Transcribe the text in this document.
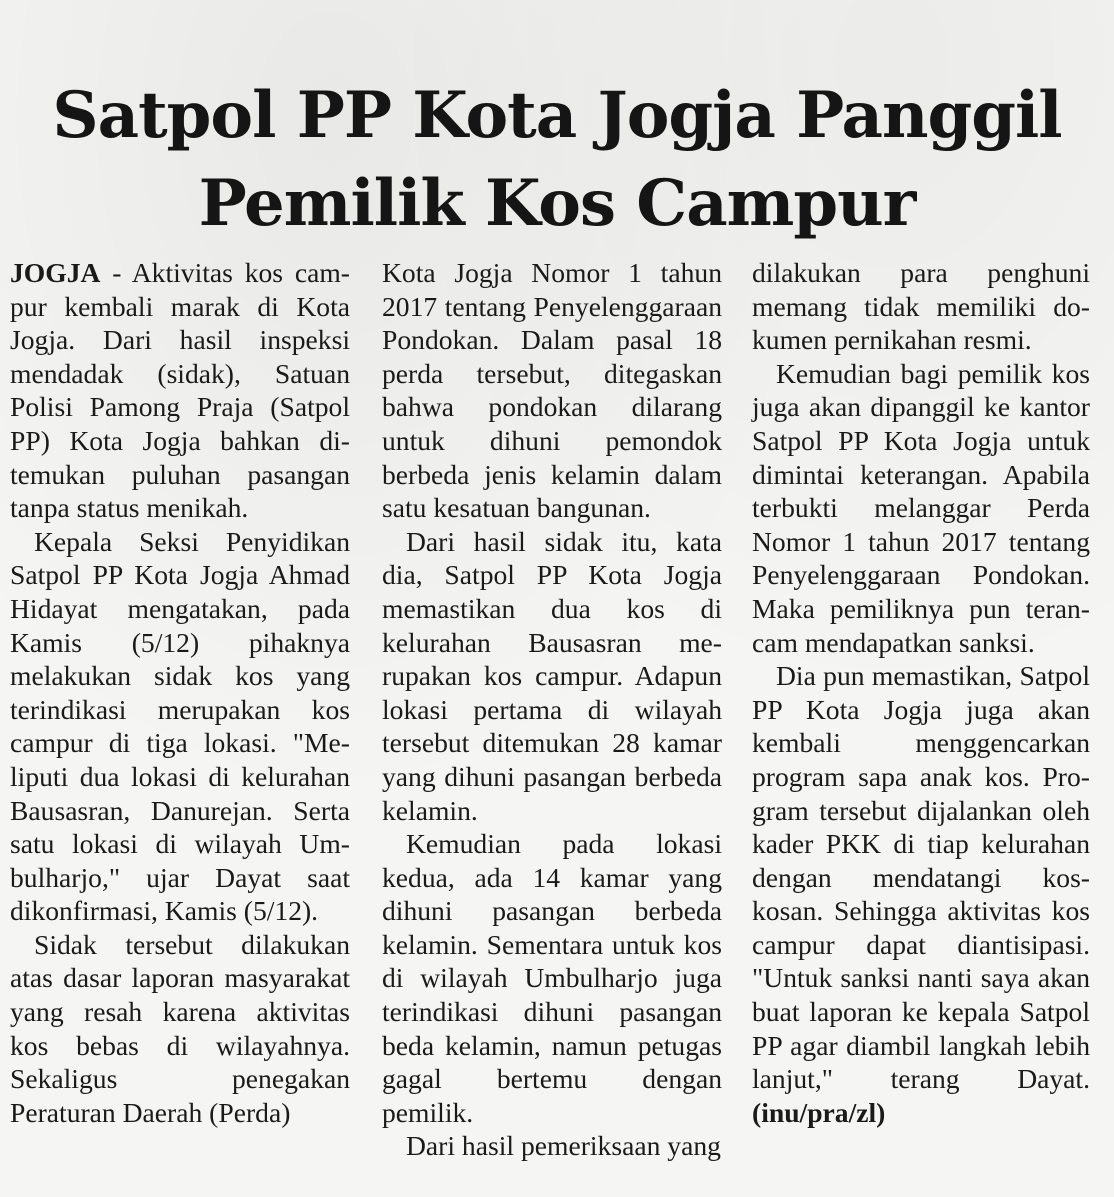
Satpol PP Kota Jogja Panggil
Pemilik Kos Campur

JOGJA - Aktivitas kos campur kembali marak di Kota Jogja. Dari hasil inspeksi mendadak (sidak), Satuan Polisi Pamong Praja (Satpol PP) Kota Jogja bahkan ditemukan puluhan pasangan tanpa status menikah.

Kepala Seksi Penyidikan Satpol PP Kota Jogja Ahmad Hidayat mengatakan, pada Kamis (5/12) pihaknya melakukan sidak kos yang terindikasi merupakan kos campur di tiga lokasi. "Meliputi dua lokasi di kelurahan Bausasran, Danurejan. Serta satu lokasi di wilayah Umbulharjo," ujar Dayat saat dikonfirmasi, Kamis (5/12).

Sidak tersebut dilakukan atas dasar laporan masyarakat yang resah karena aktivitas kos bebas di wilayahnya. Sekaligus penegakan Peraturan Daerah (Perda)

Kota Jogja Nomor 1 tahun 2017 tentang Penyelenggaraan Pondokan. Dalam pasal 18 perda tersebut, ditegaskan bahwa pondokan dilarang untuk dihuni pemondok berbeda jenis kelamin dalam satu kesatuan bangunan.

Dari hasil sidak itu, kata dia, Satpol PP Kota Jogja memastikan dua kos di kelurahan Bausasran merupakan kos campur. Adapun lokasi pertama di wilayah tersebut ditemukan 28 kamar yang dihuni pasangan berbeda kelamin.

Kemudian pada lokasi kedua, ada 14 kamar yang dihuni pasangan berbeda kelamin. Sementara untuk kos di wilayah Umbulharjo juga terindikasi dihuni pasangan beda kelamin, namun petugas gagal bertemu dengan pemilik.

Dari hasil pemeriksaan yang

dilakukan para penghuni memang tidak memiliki dokumen pernikahan resmi.

Kemudian bagi pemilik kos juga akan dipanggil ke kantor Satpol PP Kota Jogja untuk dimintai keterangan. Apabila terbukti melanggar Perda Nomor 1 tahun 2017 tentang Penyelenggaraan Pondokan. Maka pemiliknya pun terancam mendapatkan sanksi.

Dia pun memastikan, Satpol PP Kota Jogja juga akan kembali menggencarkan program sapa anak kos. Program tersebut dijalankan oleh kader PKK di tiap kelurahan dengan mendatangi kos-kosan. Sehingga aktivitas kos campur dapat diantisipasi. "Untuk sanksi nanti saya akan buat laporan ke kepala Satpol PP agar diambil langkah lebih lanjut," terang Dayat. (inu/pra/zl)
